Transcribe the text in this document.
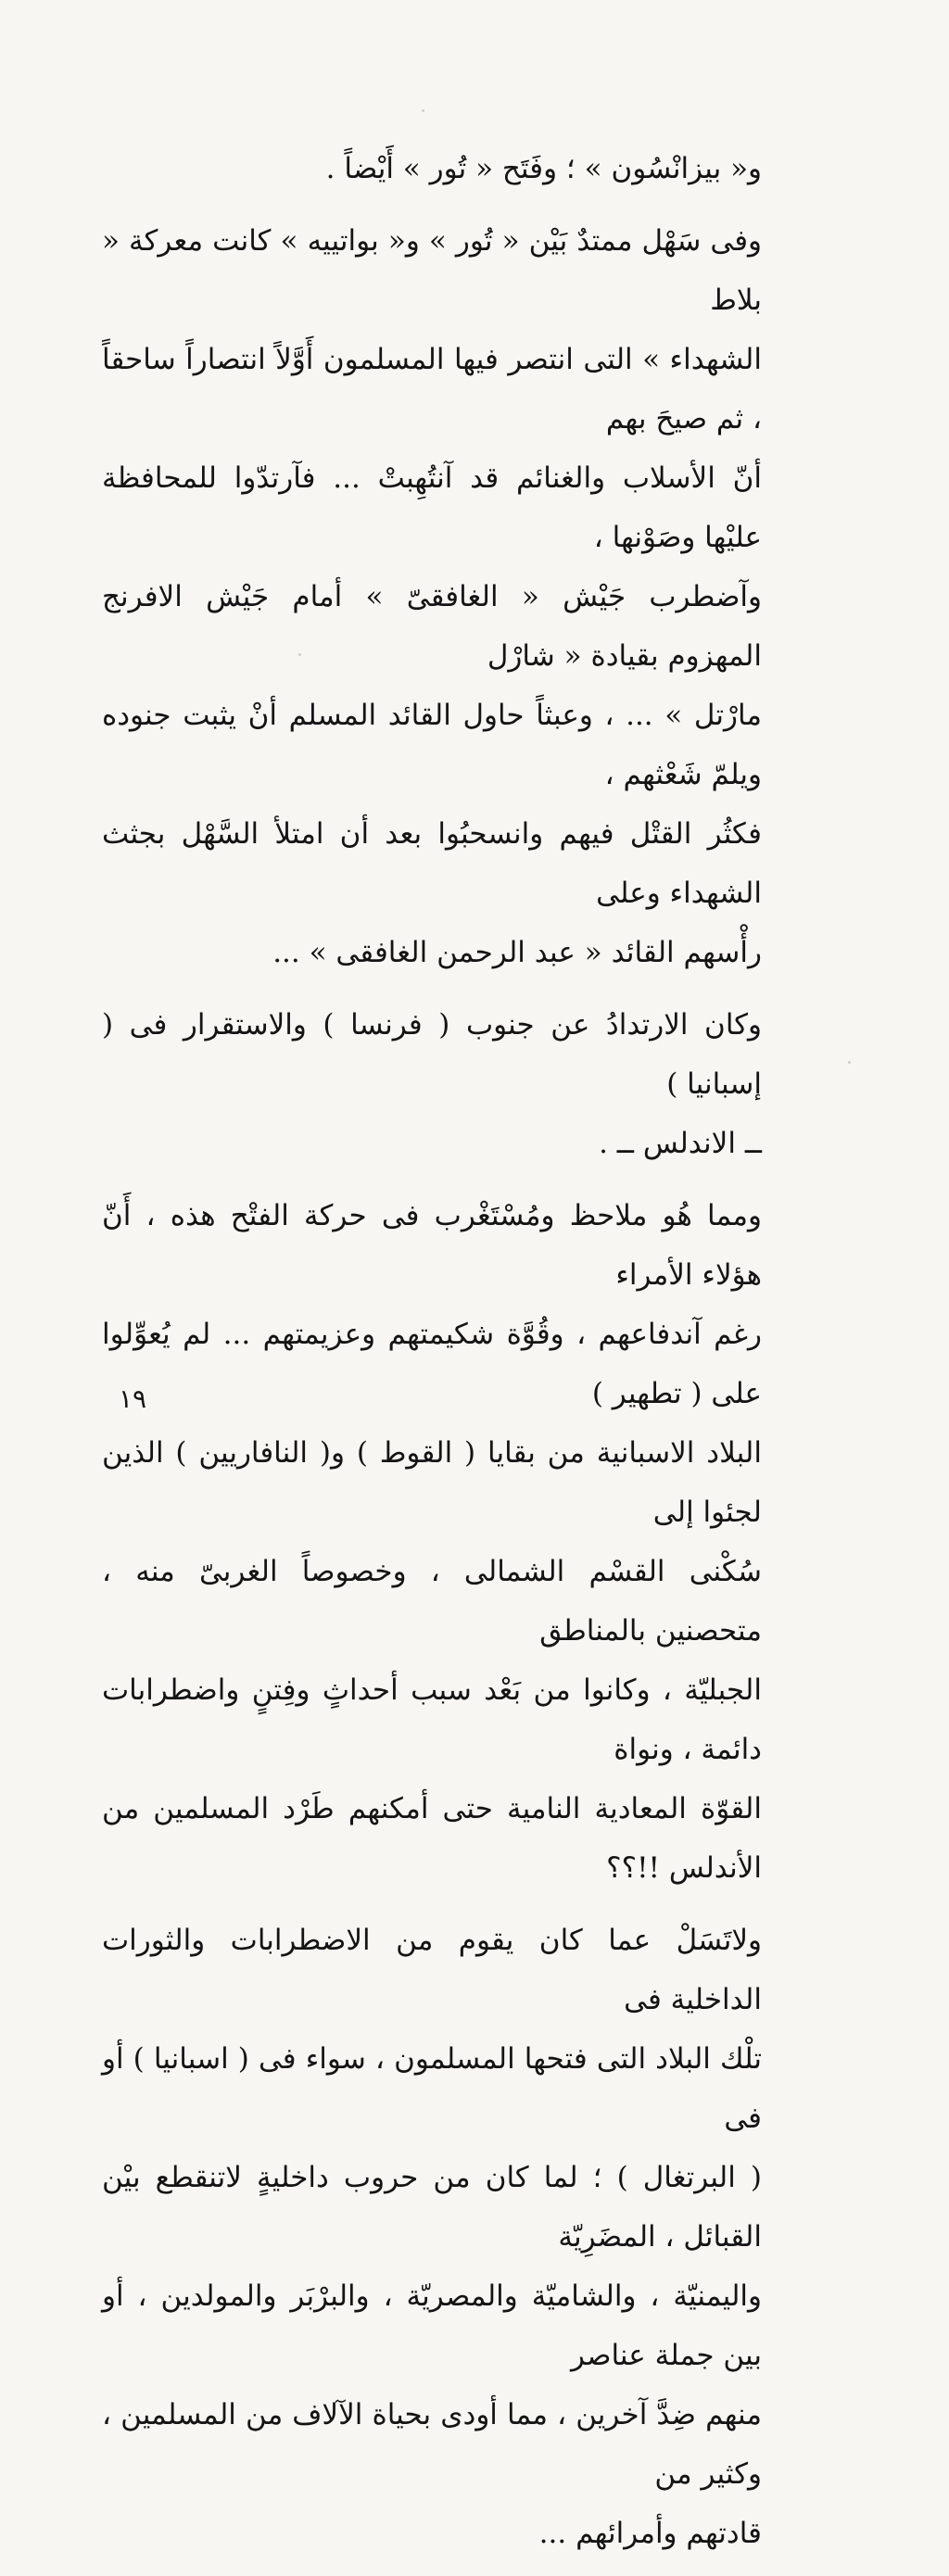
و« بيزانْسُون » ؛ وفَتَح « تُور » أَيْضاً .

وفى سَهْل ممتدٌ بَيْن « تُور » و« بواتييه » كانت معركة « بلاط
الشهداء » التى انتصر فيها المسلمون أَوَّلاً انتصاراً ساحقاً ، ثم صيحَ بهم
أنّ الأسلاب والغنائم قد آنتُهِبتْ ... فآرتدّوا للمحافظة عليْها وصَوْنها ،
وآضطرب جَيْش « الغافقىّ » أمام جَيْش الافرنج المهزوم بقيادة « شارْل
مارْتل » ... ، وعبثاً حاول القائد المسلم أنْ يثبت جنوده ويلمّ شَعْثهم ،
فكثُر القتْل فيهم وانسحبُوا بعد أن امتلأ السَّهْل بجثث الشهداء وعلى
رأْسهم القائد « عبد الرحمن الغافقى » ...

وكان الارتدادُ عن جنوب ( فرنسا ) والاستقرار فى ( إسبانيا )
ــ الاندلس ــ .

ومما هُو ملاحظ ومُسْتَغْرب فى حركة الفتْح هذه ، أَنّ هؤلاء الأمراء
رغم آندفاعهم ، وقُوَّة شكيمتهم وعزيمتهم ... لم يُعوِّلوا على ( تطهير )
البلاد الاسبانية من بقايا ( القوط ) و( النافاريين ) الذين لجئوا إلى
سُكْنى القسْم الشمالى ، وخصوصاً الغربىّ منه ، متحصنين بالمناطق
الجبليّة ، وكانوا من بَعْد سبب أحداثٍ وفِتنٍ واضطرابات دائمة ، ونواة
القوّة المعادية النامية حتى أمكنهم طَرْد المسلمين من الأندلس !!؟؟

ولاتَسَلْ عما كان يقوم من الاضطرابات والثورات الداخلية فى
تلْك البلاد التى فتحها المسلمون ، سواء فى ( اسبانيا ) أو فى
( البرتغال ) ؛ لما كان من حروب داخليةٍ لاتنقطع بيْن القبائل ، المضَرِيّة
واليمنيّة ، والشاميّة والمصريّة ، والبرْبَر والمولدين ، أو بين جملة عناصر
منهم ضِدَّ آخرين ، مما أودى بحياة الآلاف من المسلمين ، وكثير من
قادتهم وأمرائهم ...

١٩
